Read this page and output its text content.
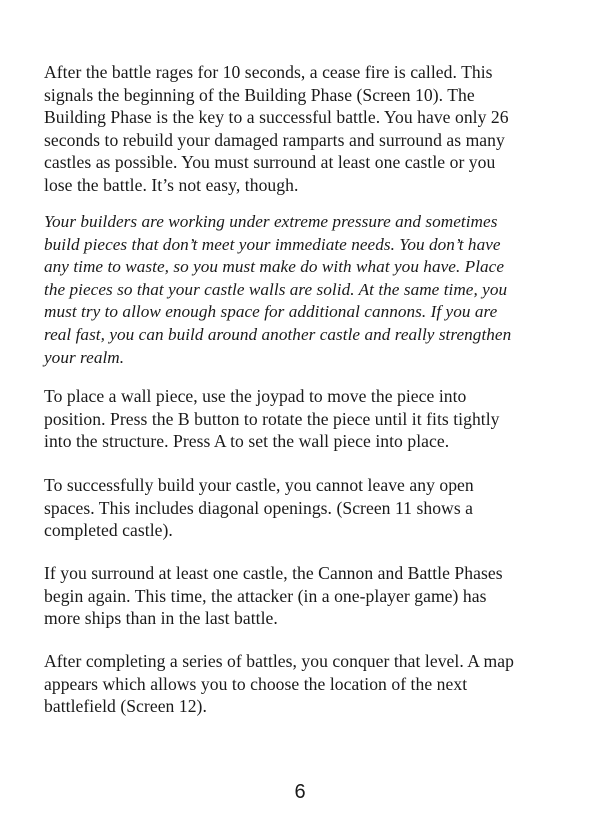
After the battle rages for 10 seconds, a cease fire is called. This
signals the beginning of the Building Phase (Screen 10). The
Building Phase is the key to a successful battle. You have only 26
seconds to rebuild your damaged ramparts and surround as many
castles as possible. You must surround at least one castle or you
lose the battle. It’s not easy, though.

Your builders are working under extreme pressure and sometimes
build pieces that don’t meet your immediate needs. You don’t have
any time to waste, so you must make do with what you have. Place
the pieces so that your castle walls are solid. At the same time, you
must try to allow enough space for additional cannons. If you are
real fast, you can build around another castle and really strengthen
your realm.

To place a wall piece, use the joypad to move the piece into
position. Press the B button to rotate the piece until it fits tightly
into the structure. Press A to set the wall piece into place.

To successfully build your castle, you cannot leave any open
spaces. This includes diagonal openings. (Screen 11 shows a
completed castle).

If you surround at least one castle, the Cannon and Battle Phases
begin again. This time, the attacker (in a one-player game) has
more ships than in the last battle.

After completing a series of battles, you conquer that level. A map
appears which allows you to choose the location of the next
battlefield (Screen 12).

6
